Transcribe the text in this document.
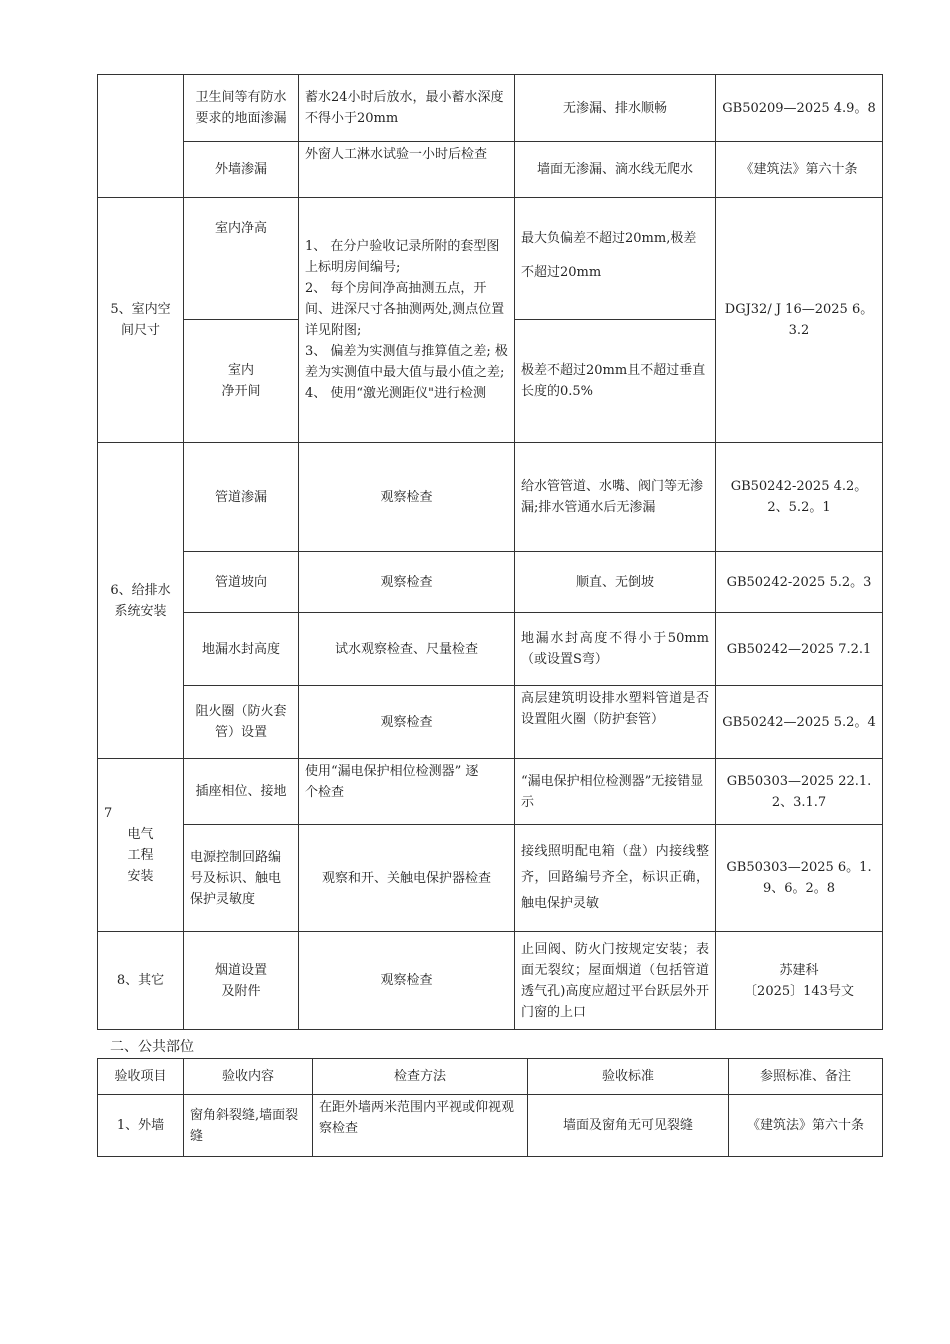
	卫生间等有防水要求的地面渗漏	蓄水24小时后放水，最小蓄水深度不得小于20mm	无渗漏、排水顺畅	GB50209—2025 4.9。8
	外墙渗漏	外窗人工淋水试验一小时后检查	墙面无渗漏、滴水线无爬水	《建筑法》第六十条
5、室内空间尺寸	室内净高	1、 在分户验收记录所附的套型图上标明房间编号;
2、 每个房间净高抽测五点，开
间、进深尺寸各抽测两处,测点位置详见附图;
3、 偏差为实测值与推算值之差; 极差为实测值中最大值与最小值之差;
4、 使用“激光测距仪"进行检测	最大负偏差不超过20mm,极差
不超过20mm	DGJ32/ J 16—2025 6。3.2
	室内
净开间		极差不超过20mm且不超过垂直长度的0.5%	
6、给排水系统安装	管道渗漏	观察检查	给水管管道、水嘴、阀门等无渗漏;排水管通水后无渗漏	GB50242-2025 4.2。2、5.2。1
	管道坡向	观察检查	顺直、无倒坡	GB50242-2025 5.2。3
	地漏水封高度	试水观察检查、尺量检查	地漏水封高度不得小于50mm（或设置S弯）	GB50242—2025 7.2.1
	阻火圈（防火套管）设置	观察检查	高层建筑明设排水塑料管道是否设置阻火圈（防护套管）	GB50242—2025 5.2。4

7
电气
工程
安装	插座相位、接地	使用“漏电保护相位检测器” 逐
个检查	“漏电保护相位检测器”无接错显示	GB50303—2025 22.1.2、3.1.7
	电源控制回路编号及标识、触电保护灵敏度	观察和开、关触电保护器检查	接线照明配电箱（盘）内接线整齐，回路编号齐全，标识正确，触电保护灵敏	GB50303—2025 6。1.9、6。2。8
8、其它	烟道设置
及附件	观察检查	止回阀、防火门按规定安装；表面无裂纹；屋面烟道（包括管道透气孔)高度应超过平台跃层外开门窗的上口	苏建科
〔2025〕143号文
二、公共部位
验收项目	验收内容	检查方法	验收标准	参照标准、备注
1、外墙	窗角斜裂缝,墙面裂缝	在距外墙两米范围内平视或仰视观察检查	墙面及窗角无可见裂缝	《建筑法》第六十条
